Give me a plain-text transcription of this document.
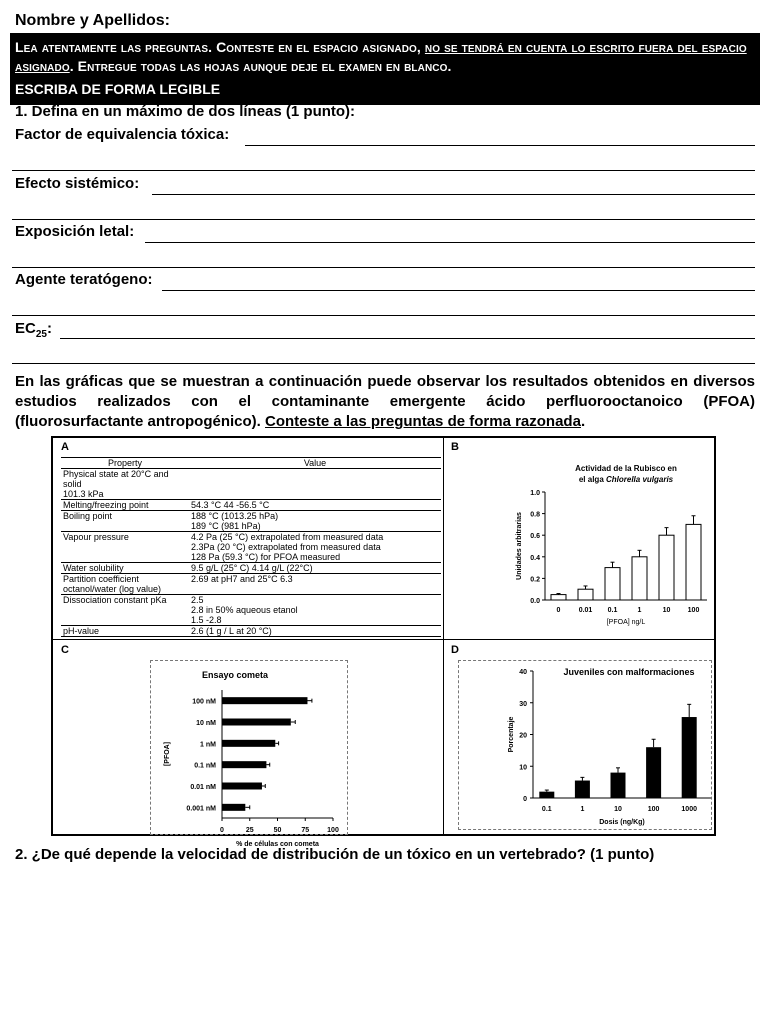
Nombre y Apellidos:
Lea atentamente las preguntas. Conteste en el espacio asignado, no se tendrá en cuenta lo escrito fuera del espacio asignado. Entregue todas las hojas aunque deje el examen en blanco.
ESCRIBA DE FORMA LEGIBLE
1. Defina en un máximo de dos líneas (1 punto):
Factor de equivalencia tóxica:
Efecto sistémico:
Exposición letal:
Agente teratógeno:
$EC_{25}$:
En las gráficas que se muestran a continuación puede observar los resultados obtenidos en diversos estudios realizados con el contaminante emergente ácido perfluorooctanoico (PFOA) (fluorosurfactante antropogénico). Conteste a las preguntas de forma razonada.
A
Property	Value
Physical state at 20°C and solid
101.3 kPa	
Melting/freezing point	54.3 °C 44 -56.5 °C
Boiling point	188 °C (1013.25 hPa)
189 °C (981 hPa)
Vapour pressure	4.2 Pa (25 °C) extrapolated from measured data
2.3Pa (20 °C) extrapolated from measured data
128 Pa (59.3 °C) for PFOA measured
Water solubility	9.5 g/L (25° C) 4.14 g/L (22°C)
Partition coefficient
octanol/water (log value)	2.69 at pH7 and 25°C 6.3
Dissociation constant pKa	2.5
2.8 in 50% aqueous etanol
1.5 -2.8
pH-value	2.6 (1 g / L at 20 °C)
B
Actividad de la Rubisco en
el alga Chlorella vulgaris
0.0
0.2
0.4
0.6
0.8
1.0
0	0.01 0.1	1	10 100
[PFOA] ng/L
Unidades arbitrarias
C
Ensayo cometa
0	25	50	75	100
100 nM
10 nM
1 nM
0.1 nM
0.01 nM
0.001 nM
% de células con cometa
[PFOA]
D
Juveniles con malformaciones
0
10
20
30
40
0.1	1	10	100	1000
Dosis (ng/Kg)
Porcentaje
2. ¿De qué depende la velocidad de distribución de un tóxico en un vertebrado? (1 punto)
